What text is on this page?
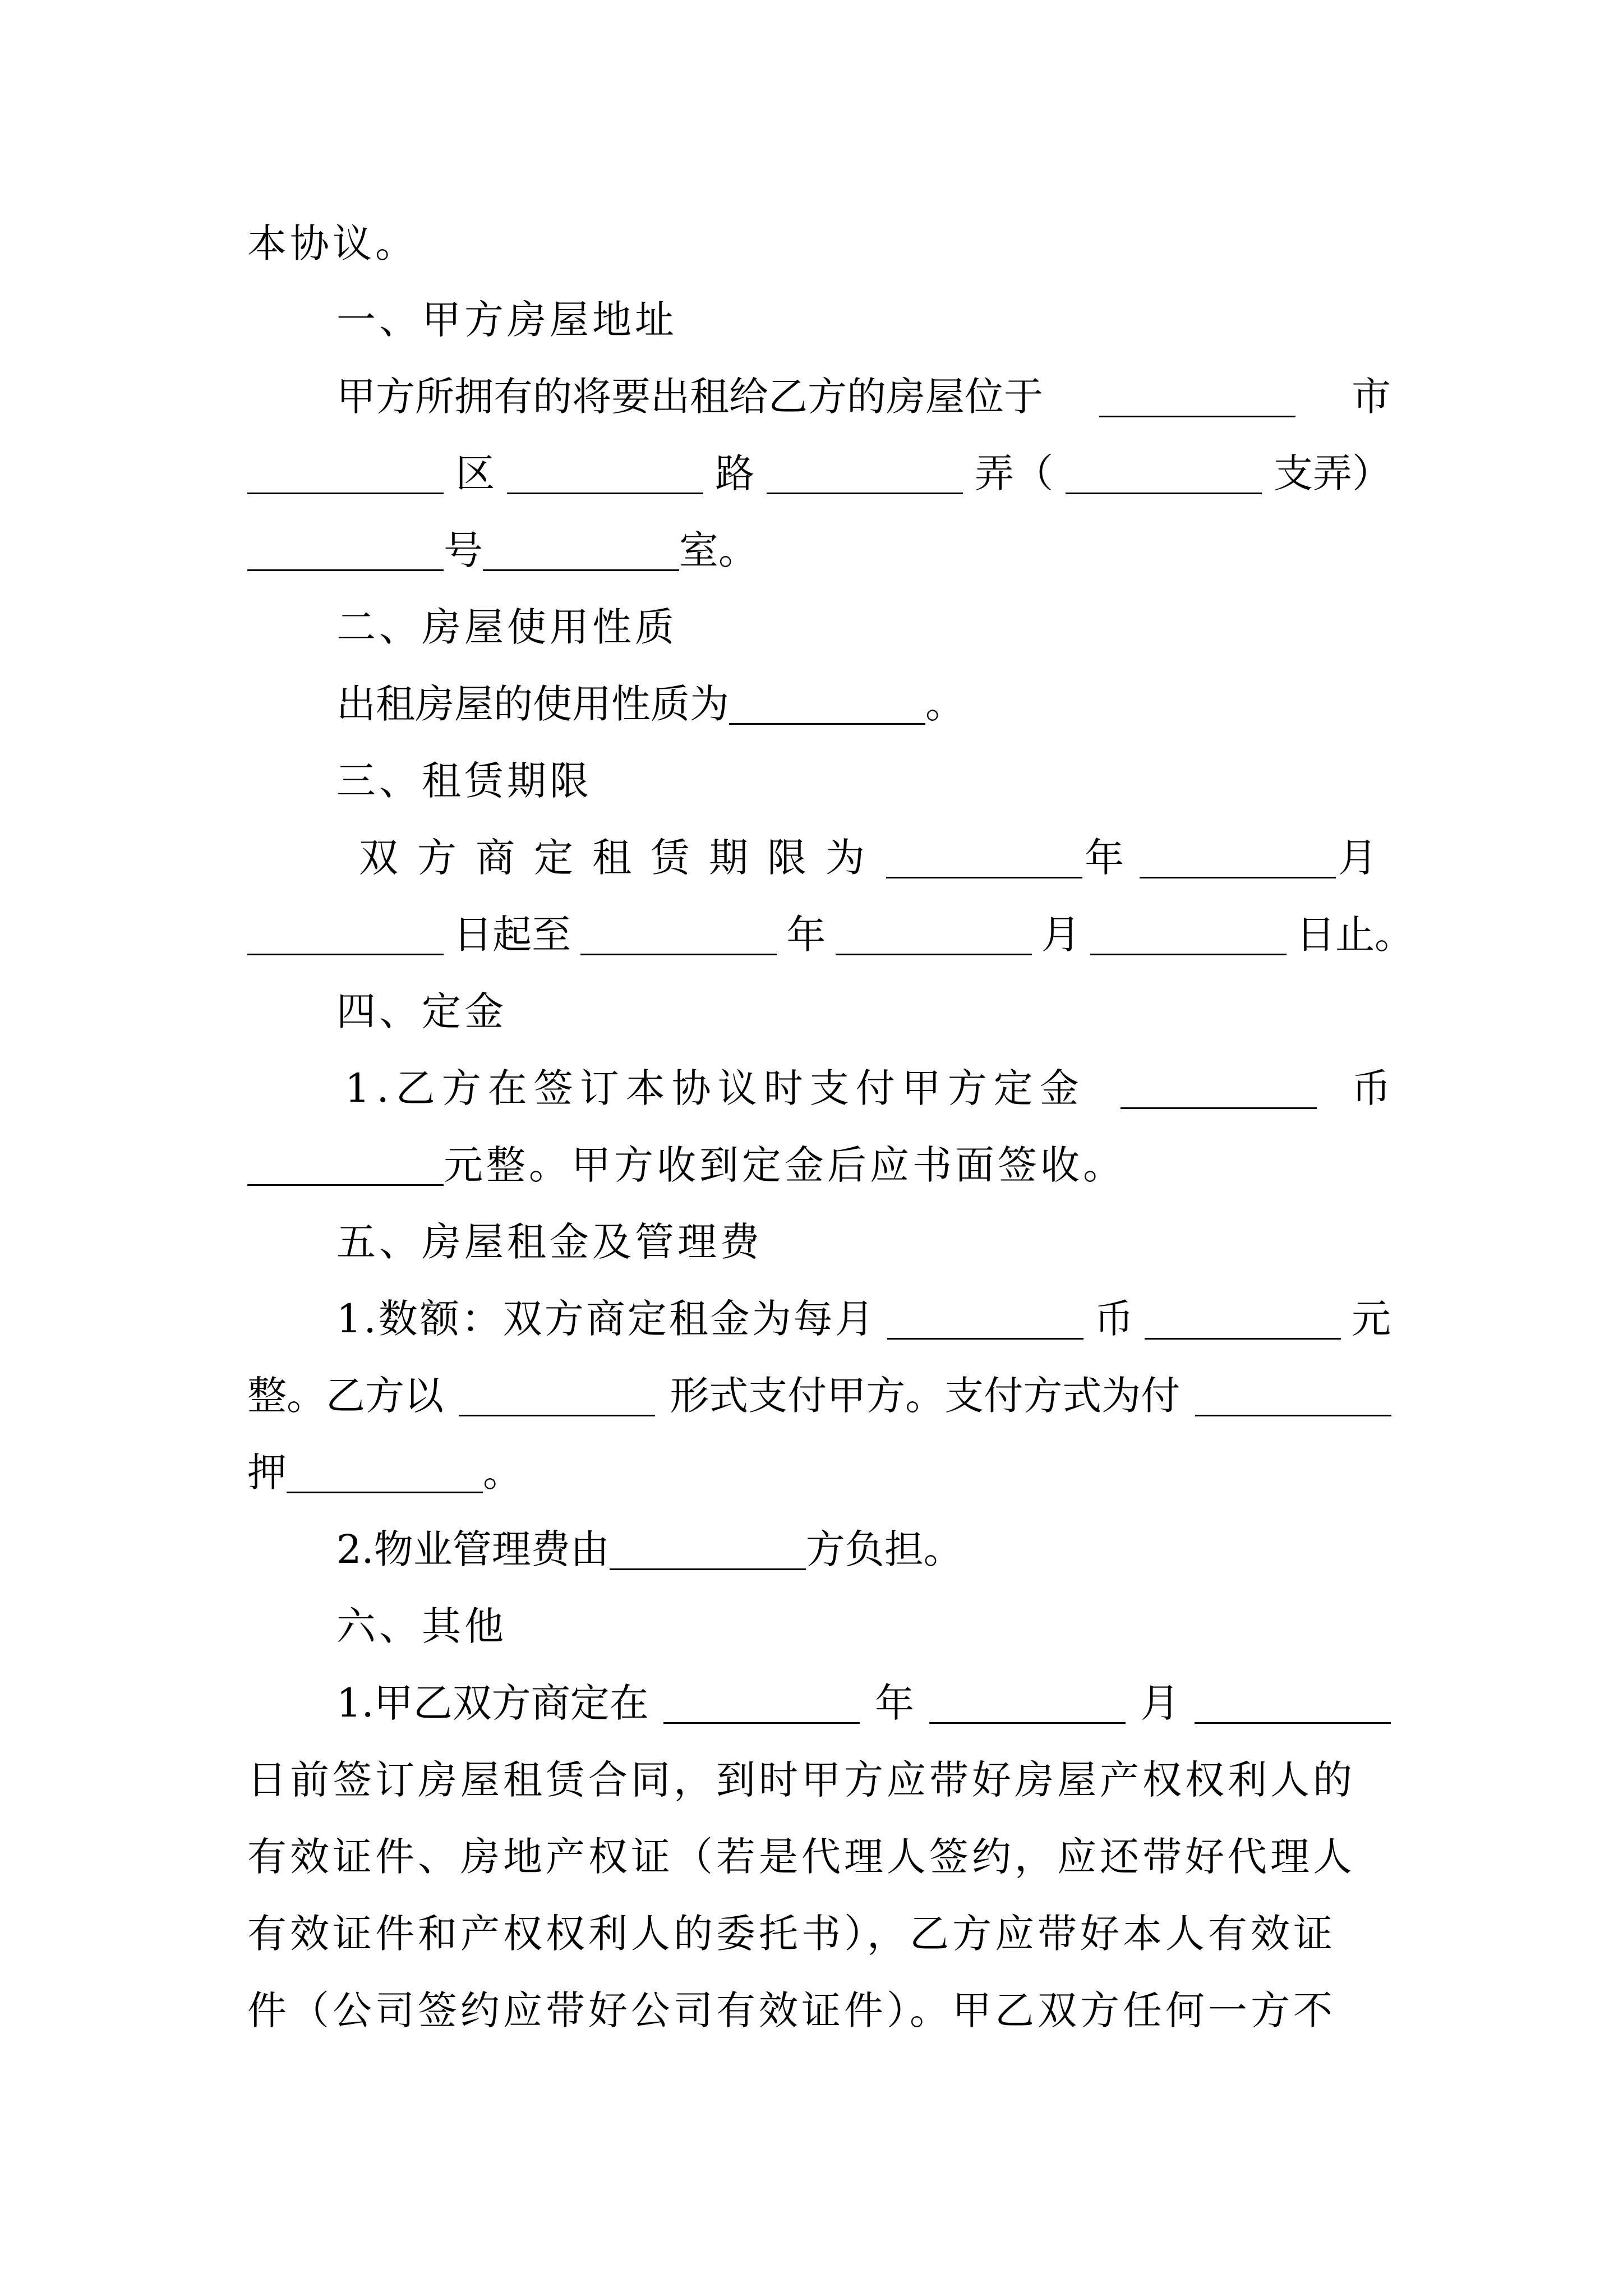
本协议。
一、甲方房屋地址
甲方所拥有的将要出租给乙方的房屋位于	市
区	路	弄（	支弄）
号	室。
二、房屋使用性质
出租房屋的使用性质为	。
三、租赁期限
双方商定租赁期限为	年	月
日起至	年	月	日止。
四、定金
1.乙方在签订本协议时支付甲方定金	币
元整。甲方收到定金后应书面签收。
五、房屋租金及管理费
1.数额：双方商定租金为每月	币	元
整。乙方以	形式支付甲方。支付方式为付
押	。
2.物业管理费由	方负担。
六、其他
1.甲乙双方商定在	年	月
日前签订房屋租赁合同，到时甲方应带好房屋产权权利人的
有效证件、房地产权证（若是代理人签约，应还带好代理人
有效证件和产权权利人的委托书），乙方应带好本人有效证
件（公司签约应带好公司有效证件）。甲乙双方任何一方不
